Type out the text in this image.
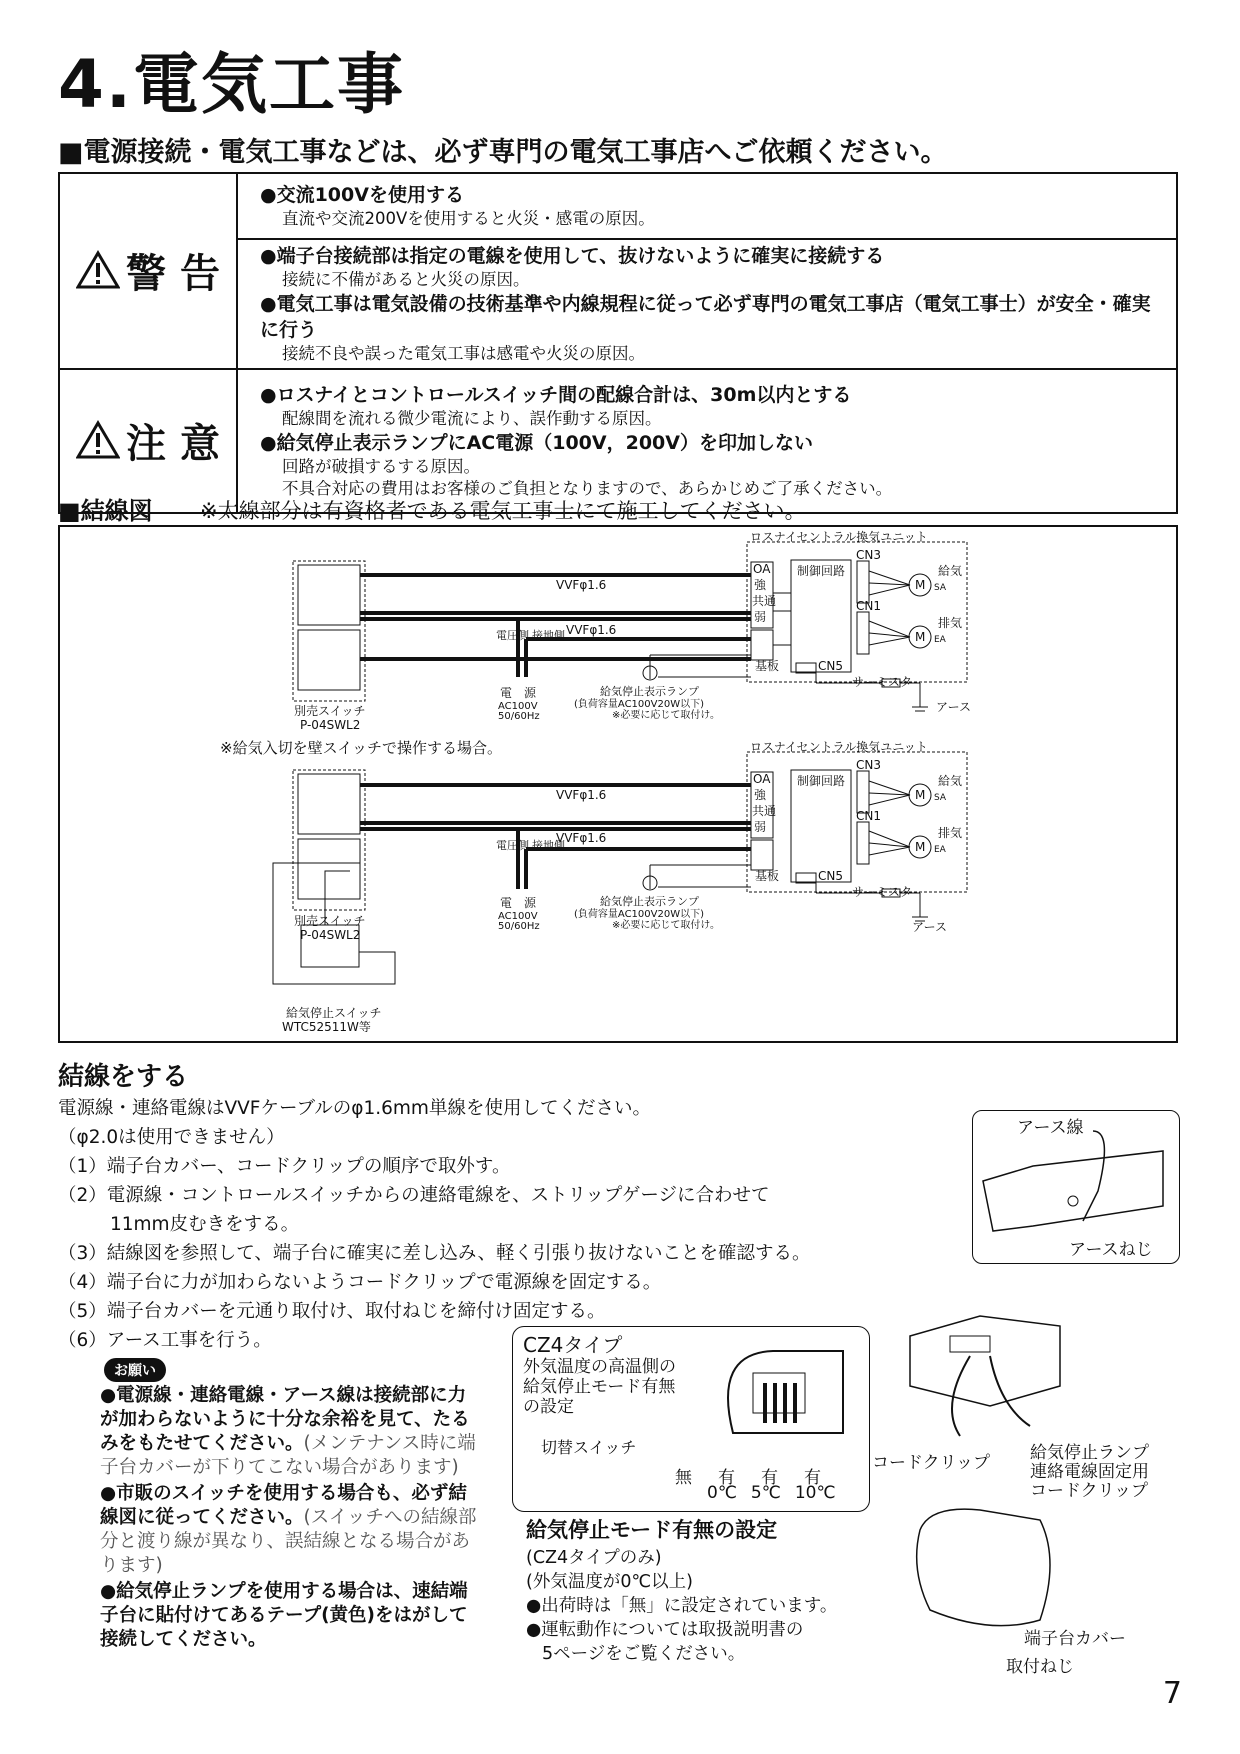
4.電気工事
■電源接続・電気工事などは、必ず専門の電気工事店へご依頼ください。
警 告	●交流100Vを使用する
直流や交流200Vを使用すると火災・感電の原因。

	●端子台接続部は指定の電線を使用して、抜けないように確実に接続する
接続に不備があると火災の原因。
●電気工事は電気設備の技術基準や内線規程に従って必ず専門の電気工事店（電気工事士）が安全・確実に行う
接続不良や誤った電気工事は感電や火災の原因。

注 意	●ロスナイとコントロールスイッチ間の配線合計は、30m以内とする
配線間を流れる微少電流により、誤作動する原因。
●給気停止表示ランプにAC電源（100V，200V）を印加しない
回路が破損するする原因。
不具合対応の費用はお客様のご負担となりますので、あらかじめご了承ください。
■結線図 ※太線部分は有資格者である電気工事士にて施工してください。
ロスナイセントラル換気ユニット
制御回路
OA
強
共通
弱
CN3
CN1
CN5
給気
排気
M
M
SA
EA
基板
サーミスタ
アース
VVFφ1.6
VVFφ1.6
電圧側 接地側
電　源
AC100V
50/60Hz
給気停止表示ランプ
(負荷容量AC100V20W以下)
※必要に応じて取付け。
別売スイッチ
P-04SWL2
※給気入切を壁スイッチで操作する場合。	ロスナイセントラル換気ユニット
制御回路
OA
強
共通
弱
CN3
CN1
CN5
給気
排気
M
M
SA
EA
基板
サーミスタ
アース
VVFφ1.6
VVFφ1.6
電圧側 接地側
電　源
AC100V
50/60Hz
給気停止表示ランプ
(負荷容量AC100V20W以下)
※必要に応じて取付け。
別売スイッチ
P-04SWL2
給気停止スイッチ
WTC52511W等
結線をする
電源線・連絡電線はVVFケーブルのφ1.6mm単線を使用してください。
（φ2.0は使用できません）
（1）端子台カバー、コードクリップの順序で取外す。
（2）電源線・コントロールスイッチからの連絡電線を、ストリップゲージに合わせて
11mm皮むきをする。
（3）結線図を参照して、端子台に確実に差し込み、軽く引張り抜けないことを確認する。
（4）端子台に力が加わらないようコードクリップで電源線を固定する。
（5）端子台カバーを元通り取付け、取付ねじを締付け固定する。
（6）アース工事を行う。
お願い

●電源線・連絡電線・アース線は接続部に力が加わらないように十分な余裕を見て、たるみをもたせてください。(メンテナンス時に端子台カバーが下りてこない場合があります)

●市販のスイッチを使用する場合も、必ず結線図に従ってください。(スイッチへの結線部分と渡り線が異なり、誤結線となる場合があります)

●給気停止ランプを使用する場合は、速結端子台に貼付けてあるテープ(黄色)をはがして接続してください。

CZ4タイプ
外気温度の高温側の
給気停止モード有無
の設定
切替スイッチ
無 有 有 有
0℃ 5℃ 10℃
給気停止モード有無の設定
(CZ4タイプのみ)
(外気温度が0℃以上)
●出荷時は「無」に設定されています。
●運転動作については取扱説明書の
5ページをご覧ください。
アース線
アースねじ
コードクリップ 給気停止ランプ
連絡電線固定用
コードクリップ
端子台カバー
取付ねじ
7
